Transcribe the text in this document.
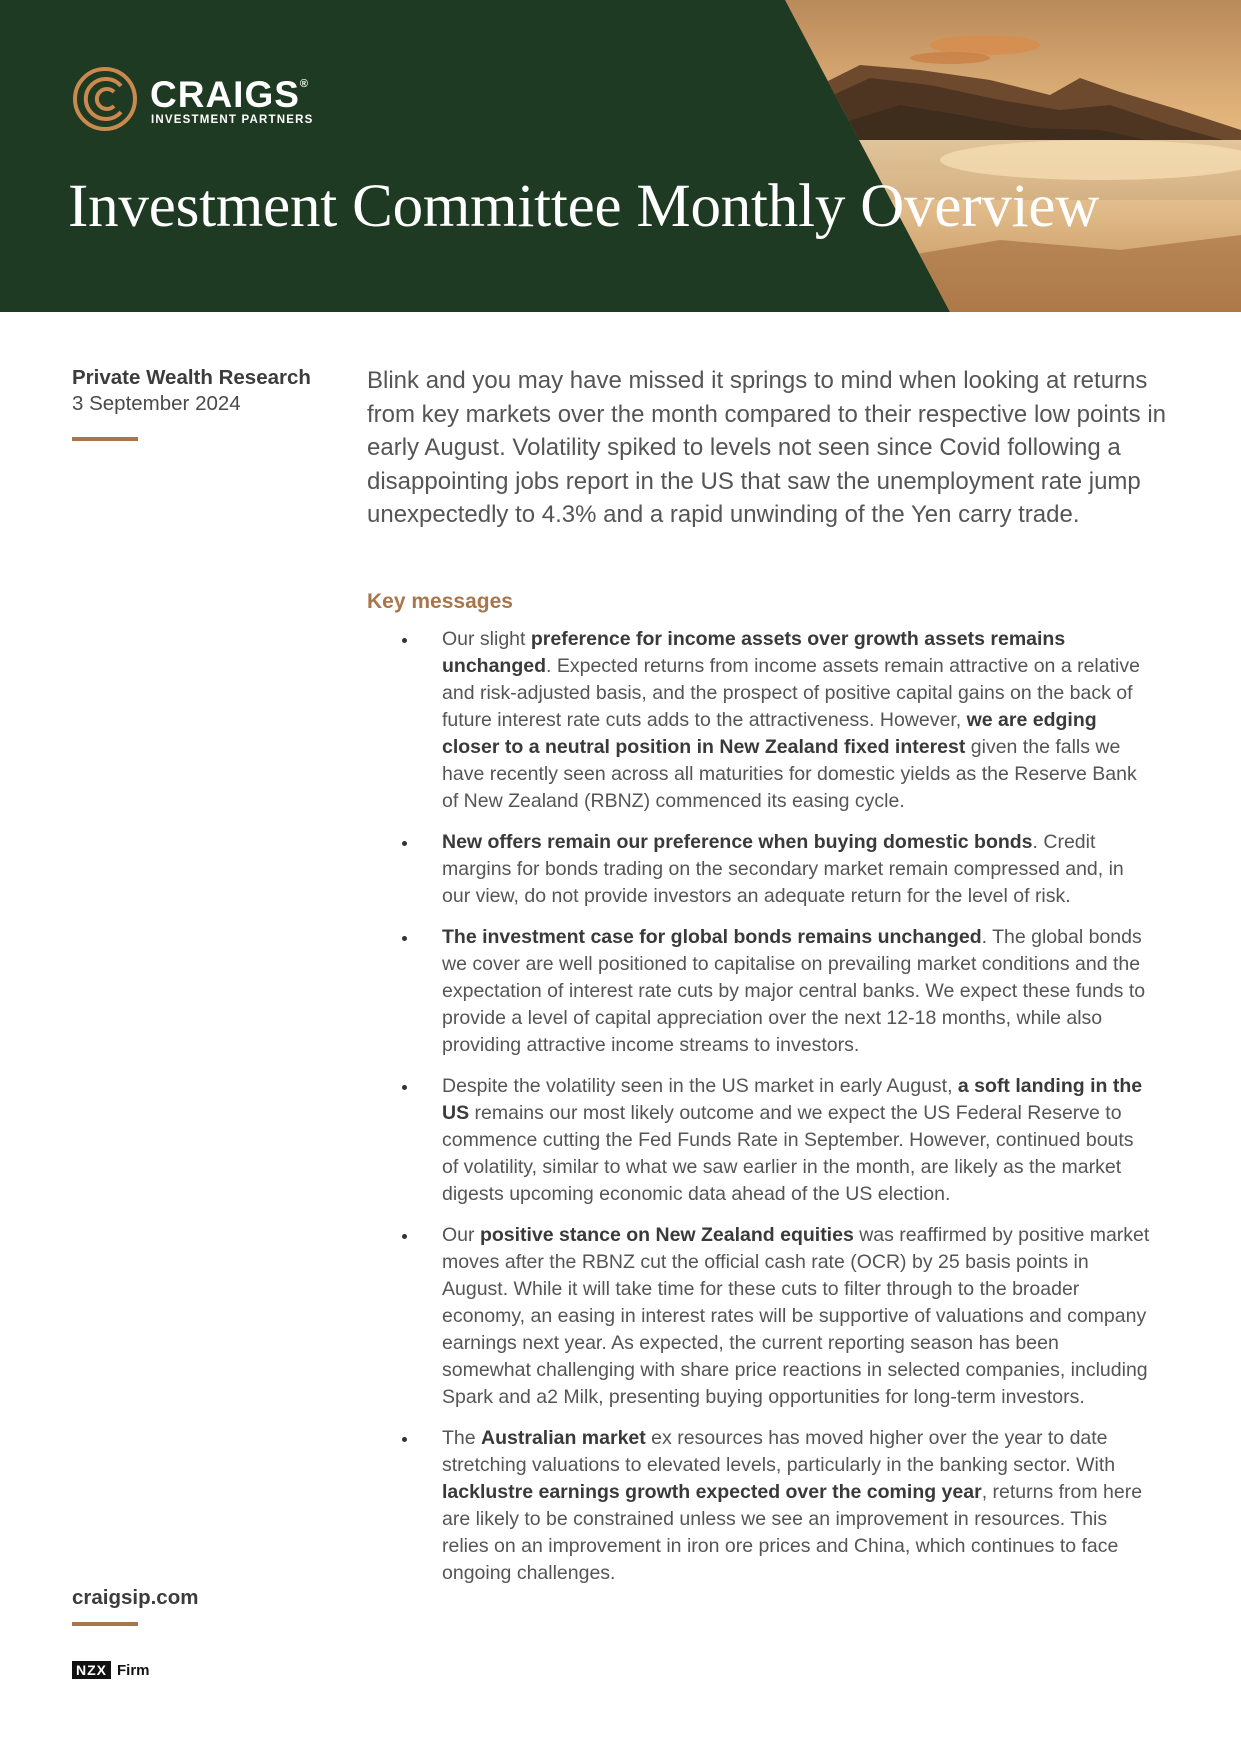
CRAIGS®
INVESTMENT PARTNERS
Investment Committee Monthly Overview
Private Wealth Research
3 September 2024
Blink and you may have missed it springs to mind when looking at returns from key markets over the month compared to their respective low points in early August. Volatility spiked to levels not seen since Covid following a disappointing jobs report in the US that saw the unemployment rate jump unexpectedly to 4.3% and a rapid unwinding of the Yen carry trade.
Key messages
Our slight preference for income assets over growth assets remains unchanged. Expected returns from income assets remain attractive on a relative and risk-adjusted basis, and the prospect of positive capital gains on the back of future interest rate cuts adds to the attractiveness. However, we are edging closer to a neutral position in New Zealand fixed interest given the falls we have recently seen across all maturities for domestic yields as the Reserve Bank of New Zealand (RBNZ) commenced its easing cycle.
New offers remain our preference when buying domestic bonds. Credit margins for bonds trading on the secondary market remain compressed and, in our view, do not provide investors an adequate return for the level of risk.
The investment case for global bonds remains unchanged. The global bonds we cover are well positioned to capitalise on prevailing market conditions and the expectation of interest rate cuts by major central banks. We expect these funds to provide a level of capital appreciation over the next 12-18 months, while also providing attractive income streams to investors.
Despite the volatility seen in the US market in early August, a soft landing in the US remains our most likely outcome and we expect the US Federal Reserve to commence cutting the Fed Funds Rate in September. However, continued bouts of volatility, similar to what we saw earlier in the month, are likely as the market digests upcoming economic data ahead of the US election.
Our positive stance on New Zealand equities was reaffirmed by positive market moves after the RBNZ cut the official cash rate (OCR) by 25 basis points in August. While it will take time for these cuts to filter through to the broader economy, an easing in interest rates will be supportive of valuations and company earnings next year. As expected, the current reporting season has been somewhat challenging with share price reactions in selected companies, including Spark and a2 Milk, presenting buying opportunities for long-term investors.
The Australian market ex resources has moved higher over the year to date stretching valuations to elevated levels, particularly in the banking sector. With lacklustre earnings growth expected over the coming year, returns from here are likely to be constrained unless we see an improvement in resources. This relies on an improvement in iron ore prices and China, which continues to face ongoing challenges.
craigsip.com
NZX Firm
